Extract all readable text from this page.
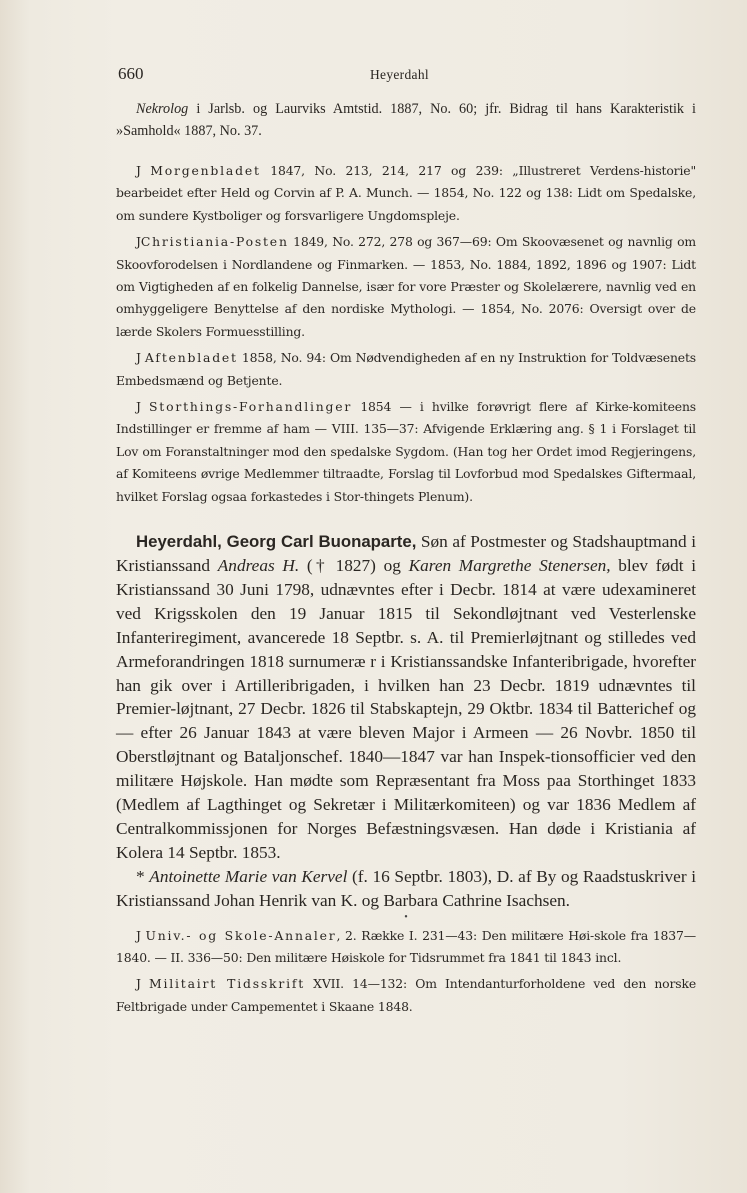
660	Heyerdahl

Nekrolog i Jarlsb. og Laurviks Amtstid. 1887, No. 60; jfr. Bidrag til hans Karakteristik i »Samhold« 1887, No. 37.

J Morgenbladet 1847, No. 213, 214, 217 og 239: „Illustreret Verdens-historie" bearbeidet efter Held og Corvin af P. A. Munch. — 1854, No. 122 og 138: Lidt om Spedalske, om sundere Kystboliger og forsvarligere Ungdomspleje.

JChristiania-Posten 1849, No. 272, 278 og 367—69: Om Skoovæsenet og navnlig om Skoovforodelsen i Nordlandene og Finmarken. — 1853, No. 1884, 1892, 1896 og 1907: Lidt om Vigtigheden af en folkelig Dannelse, især for vore Præster og Skolelærere, navnlig ved en omhyggeligere Benyttelse af den nordiske Mythologi. — 1854, No. 2076: Oversigt over de lærde Skolers Formuesstilling.

J Aftenbladet 1858, No. 94: Om Nødvendigheden af en ny Instruktion for Toldvæsenets Embedsmænd og Betjente.

J Storthings-Forhandlinger 1854 — i hvilke forøvrigt flere af Kirke-komiteens Indstillinger er fremme af ham — VIII. 135—37: Afvigende Erklæring ang. § 1 i Forslaget til Lov om Foranstaltninger mod den spedalske Sygdom. (Han tog her Ordet imod Regjeringens, af Komiteens øvrige Medlemmer tiltraadte, Forslag til Lovforbud mod Spedalskes Giftermaal, hvilket Forslag ogsaa forkastedes i Stor-thingets Plenum).

Heyerdahl, Georg Carl Buonaparte, Søn af Postmester og Stadshauptmand i Kristianssand Andreas H. († 1827) og Karen Margrethe Stenersen, blev født i Kristianssand 30 Juni 1798, udnævntes efter i Decbr. 1814 at være udexamineret ved Krigsskolen den 19 Januar 1815 til Sekondløjtnant ved Vesterlenske Infanteriregiment, avancerede 18 Septbr. s. A. til Premierløjtnant og stilledes ved Armeforandringen 1818 surnumeræ r i Kristianssandske Infanteribrigade, hvorefter han gik over i Artilleribrigaden, i hvilken han 23 Decbr. 1819 udnævntes til Premier-løjtnant, 27 Decbr. 1826 til Stabskaptejn, 29 Oktbr. 1834 til Batterichef og — efter 26 Januar 1843 at være bleven Major i Armeen — 26 Novbr. 1850 til Oberstløjtnant og Bataljonschef. 1840—1847 var han Inspek-tionsofficier ved den militære Højskole. Han mødte som Repræsentant fra Moss paa Storthinget 1833 (Medlem af Lagthinget og Sekretær i Militærkomiteen) og var 1836 Medlem af Centralkommissjonen for Norges Befæstningsvæsen. Han døde i Kristiania af Kolera 14 Septbr. 1853.

* Antoinette Marie van Kervel (f. 16 Septbr. 1803), D. af By og Raadstuskriver i Kristianssand Johan Henrik van K. og Barbara Cathrine Isachsen.

•

J Univ.- og Skole-Annaler, 2. Række I. 231—43: Den militære Høi-skole fra 1837—1840. — II. 336—50: Den militære Høiskole for Tidsrummet fra 1841 til 1843 incl.

J Militairt Tidsskrift XVII. 14—132: Om Intendanturforholdene ved den norske Feltbrigade under Campementet i Skaane 1848.
